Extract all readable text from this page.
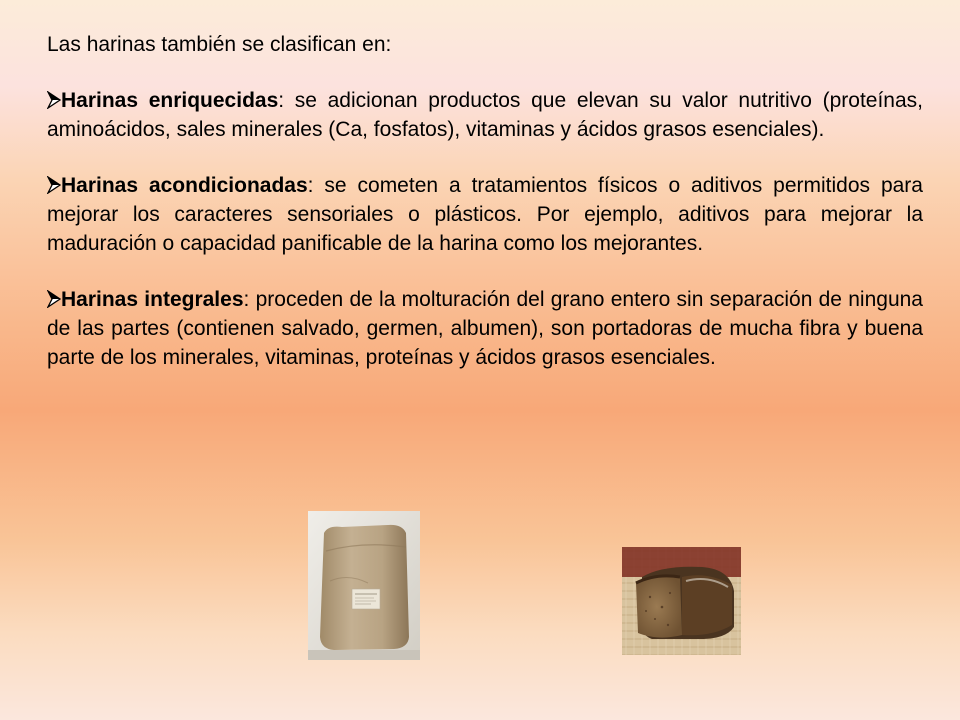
Las harinas también se clasifican en:

Harinas enriquecidas: se adicionan productos que elevan su valor nutritivo (proteínas, aminoácidos, sales minerales (Ca, fosfatos), vitaminas y ácidos grasos esenciales).

Harinas acondicionadas: se cometen a tratamientos físicos o aditivos permitidos para mejorar los caracteres sensoriales o plásticos. Por ejemplo, aditivos para mejorar la maduración o capacidad panificable de la harina como los mejorantes.

Harinas integrales: proceden de la molturación del grano entero sin separación de ninguna de las partes (contienen salvado, germen, albumen), son portadoras de mucha fibra y buena parte de los minerales, vitaminas, proteínas y ácidos grasos esenciales.
